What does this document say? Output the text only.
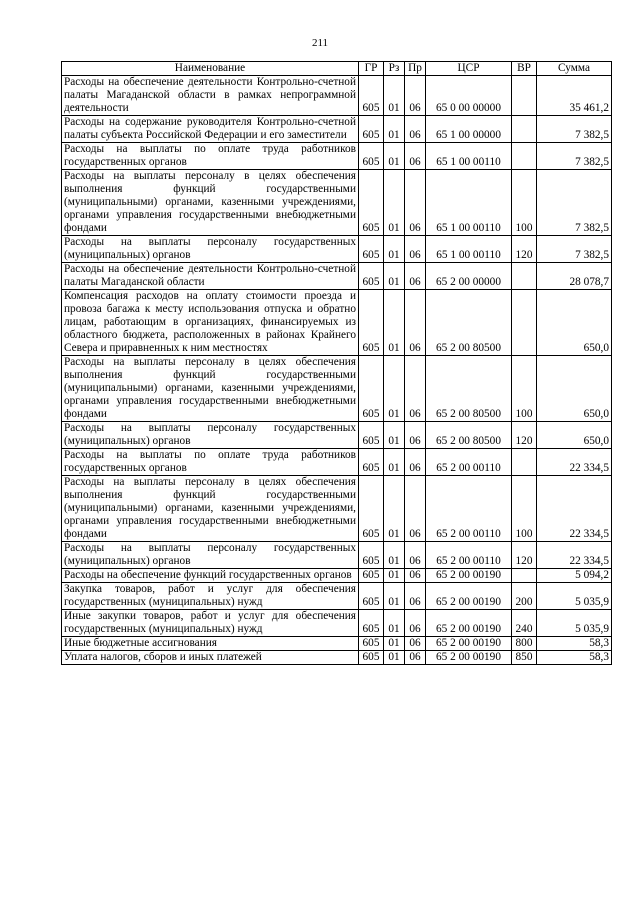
211
Наименование	ГР	Рз	Пр	ЦСР	ВР	Сумма
Расходы на обеспечение деятельности Контрольно-счетной палаты Магаданской области в рамках непрограммной деятельности	605	01	06	65 0 00 00000		35 461,2
Расходы на содержание руководителя Контрольно-счетной палаты субъекта Российской Федерации и его заместители	605	01	06	65 1 00 00000		7 382,5
Расходы на выплаты по оплате труда работников государственных органов	605	01	06	65 1 00 00110		7 382,5
Расходы на выплаты персоналу в целях обеспечения выполнения функций государственными (муниципальными) органами, казенными учреждениями, органами управления государственными внебюджетными фондами	605	01	06	65 1 00 00110	100	7 382,5
Расходы на выплаты персоналу государственных (муниципальных) органов	605	01	06	65 1 00 00110	120	7 382,5
Расходы на обеспечение деятельности Контрольно-счетной палаты Магаданской области	605	01	06	65 2 00 00000		28 078,7
Компенсация расходов на оплату стоимости проезда и провоза багажа к месту использования отпуска и обратно лицам, работающим в организациях, финансируемых из областного бюджета, расположенных в районах Крайнего Севера и приравненных к ним местностях	605	01	06	65 2 00 80500		650,0
Расходы на выплаты персоналу в целях обеспечения выполнения функций государственными (муниципальными) органами, казенными учреждениями, органами управления государственными внебюджетными фондами	605	01	06	65 2 00 80500	100	650,0
Расходы на выплаты персоналу государственных (муниципальных) органов	605	01	06	65 2 00 80500	120	650,0
Расходы на выплаты по оплате труда работников государственных органов	605	01	06	65 2 00 00110		22 334,5
Расходы на выплаты персоналу в целях обеспечения выполнения функций государственными (муниципальными) органами, казенными учреждениями, органами управления государственными внебюджетными фондами	605	01	06	65 2 00 00110	100	22 334,5
Расходы на выплаты персоналу государственных (муниципальных) органов	605	01	06	65 2 00 00110	120	22 334,5
Расходы на обеспечение функций государственных органов	605	01	06	65 2 00 00190		5 094,2
Закупка товаров, работ и услуг для обеспечения государственных (муниципальных) нужд	605	01	06	65 2 00 00190	200	5 035,9
Иные закупки товаров, работ и услуг для обеспечения государственных (муниципальных) нужд	605	01	06	65 2 00 00190	240	5 035,9
Иные бюджетные ассигнования	605	01	06	65 2 00 00190	800	58,3
Уплата налогов, сборов и иных платежей	605	01	06	65 2 00 00190	850	58,3
